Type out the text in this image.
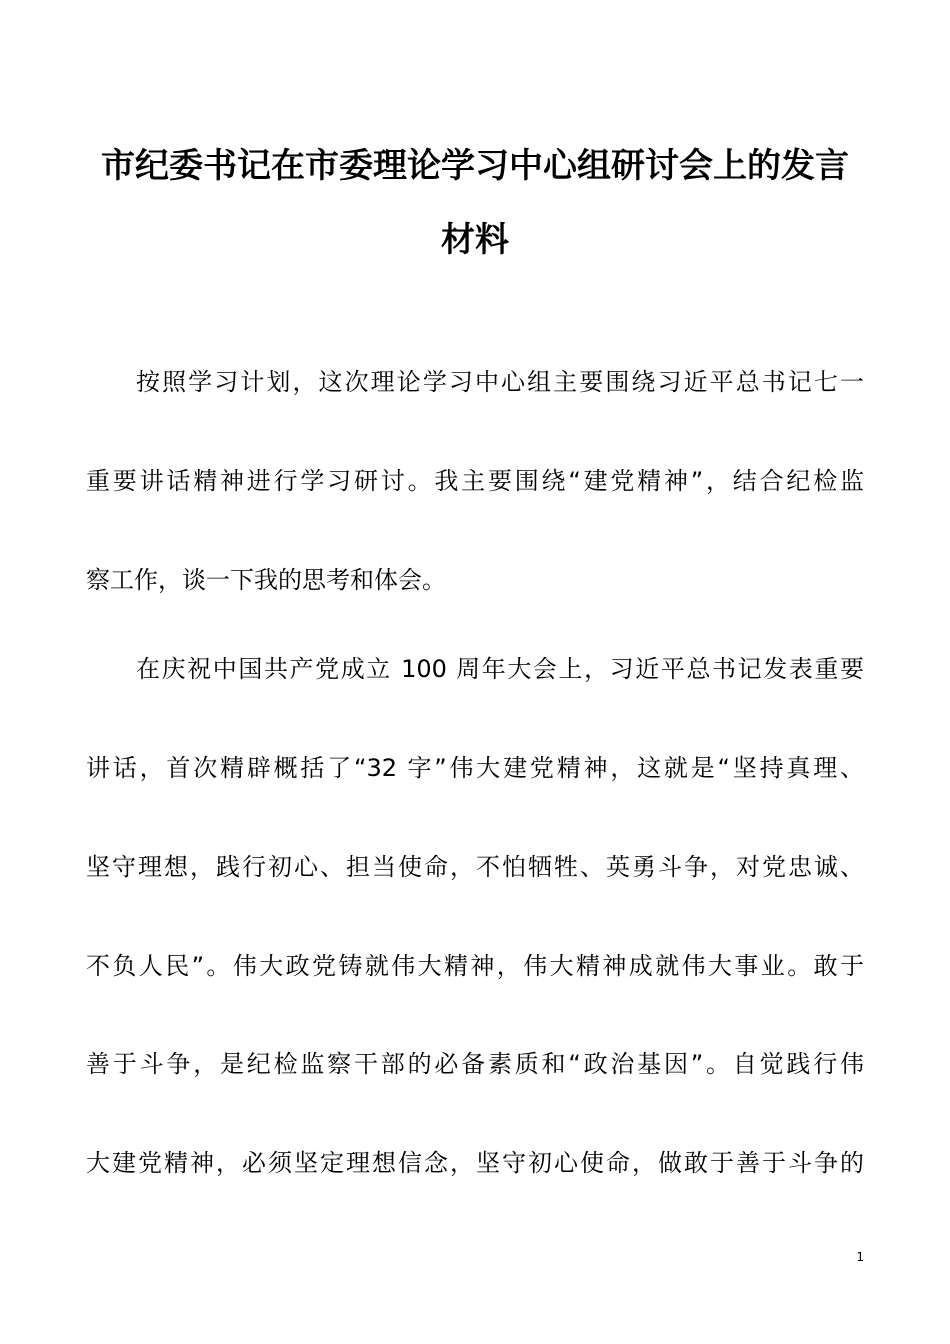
市纪委书记在市委理论学习中心组研讨会上的发言
材料

按照学习计划，这次理论学习中心组主要围绕习近平总书记七一

重要讲话精神进行学习研讨。我主要围绕“建党精神”，结合纪检监

察工作，谈一下我的思考和体会。

在庆祝中国共产党成立 100 周年大会上，习近平总书记发表重要

讲话，首次精辟概括了“32 字”伟大建党精神，这就是“坚持真理、

坚守理想，践行初心、担当使命，不怕牺牲、英勇斗争，对党忠诚、

不负人民”。伟大政党铸就伟大精神，伟大精神成就伟大事业。敢于

善于斗争，是纪检监察干部的必备素质和“政治基因”。自觉践行伟

大建党精神，必须坚定理想信念，坚守初心使命，做敢于善于斗争的

1
